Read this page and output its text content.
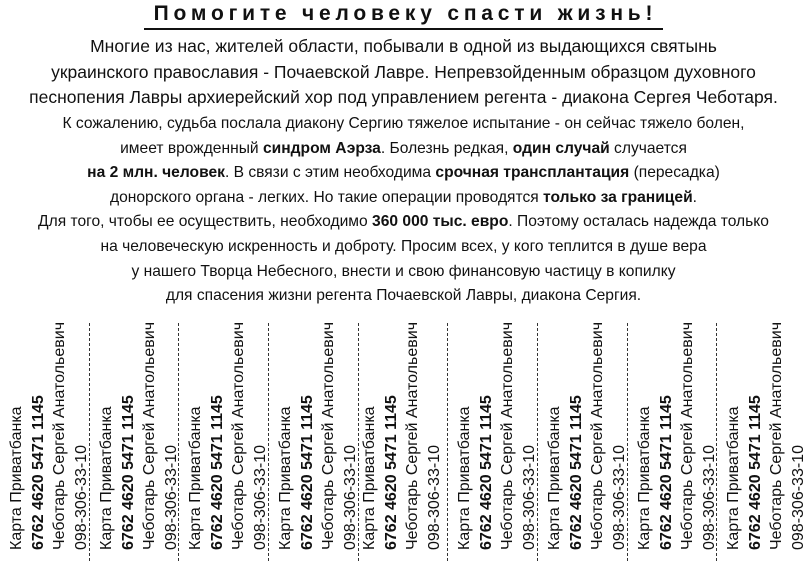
Помогите человеку спасти жизнь!

Многие из нас, жителей области, побывали в одной из выдающихся святынь

украинского православия - Почаевской Лавре. Непревзойденным образцом духовного

песнопения Лавры архиерейский хор под управлением регента - диакона Сергея Чеботаря.

К сожалению, судьба послала диакону Сергию тяжелое испытание - он сейчас тяжело болен,

имеет врожденный синдром Аэрза. Болезнь редкая, один случай случается

на 2 млн. человек. В связи с этим необходима срочная трансплантация (пересадка)

донорского органа - легких. Но такие операции проводятся только за границей.

Для того, чтобы ее осуществить, необходимо 360 000 тыс. евро. Поэтому осталась надежда только

на человеческую искренность и доброту. Просим всех, у кого теплится в душе вера

у нашего Творца Небесного, внести и свою финансовую частицу в копилку

для спасения жизни регента Почаевской Лавры, диакона Сергия.

Карта Приватбанка 6762 4620 5471 1145 Чеботарь Сергей Анатольевич 098-306-33-10 Карта Приватбанка 6762 4620 5471 1145 Чеботарь Сергей Анатольевич 098-306-33-10 Карта Приватбанка 6762 4620 5471 1145 Чеботарь Сергей Анатольевич 098-306-33-10 Карта Приватбанка 6762 4620 5471 1145 Чеботарь Сергей Анатольевич 098-306-33-10 Карта Приватбанка 6762 4620 5471 1145 Чеботарь Сергей Анатольевич 098-306-33-10 Карта Приватбанка 6762 4620 5471 1145 Чеботарь Сергей Анатольевич 098-306-33-10 Карта Приватбанка 6762 4620 5471 1145 Чеботарь Сергей Анатольевич 098-306-33-10 Карта Приватбанка 6762 4620 5471 1145 Чеботарь Сергей Анатольевич 098-306-33-10 Карта Приватбанка 6762 4620 5471 1145 Чеботарь Сергей Анатольевич 098-306-33-10
